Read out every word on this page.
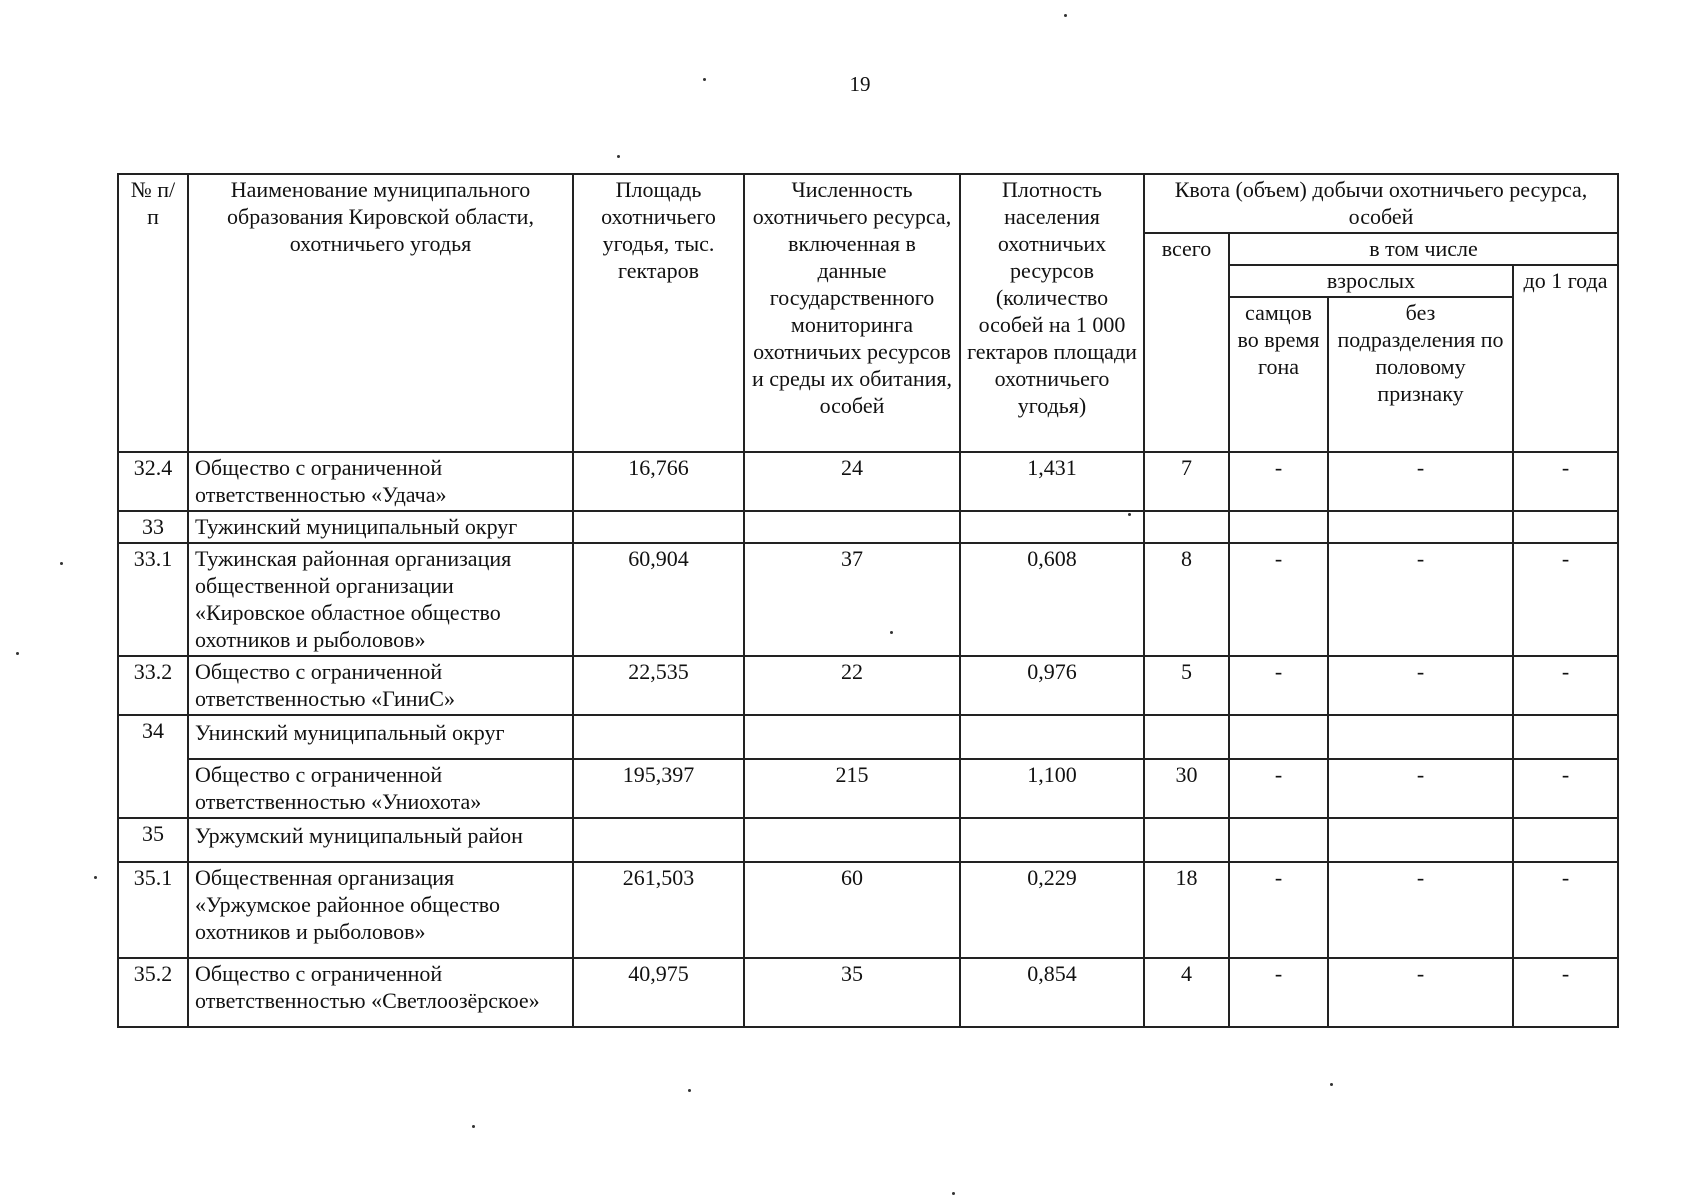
19
№ п/п	Наименование муниципального образования Кировской области, охотничьего угодья	Площадь охотничьего угодья, тыс. гектаров	Численность охотничьего ресурса, включенная в данные государственного мониторинга охотничьих ресурсов и среды их обитания, особей	Плотность населения охотничьих ресурсов (количество особей на 1 000 гектаров площади охотничьего угодья)	Квота (объем) добычи охотничьего ресурса, особей			
					всего	в том числе		
						взрослых		до 1 года
						самцов во время гона	без подразделения по половому признаку	
32.4	Общество с ограниченной ответственностью «Удача»	16,766	24	1,431	7	-	-	-
33	Тужинский муниципальный округ							
33.1	Тужинская районная организация общественной организации «Кировское областное общество охотников и рыболовов»	60,904	37	0,608	8	-	-	-
33.2	Общество с ограниченной ответственностью «ГиниС»	22,535	22	0,976	5	-	-	-
34	Унинский муниципальный округ							
	Общество с ограниченной ответственностью «Униохота»	195,397	215	1,100	30	-	-	-
35	Уржумский муниципальный район							
35.1	Общественная организация «Уржумское районное общество охотников и рыболовов»	261,503	60	0,229	18	-	-	-
35.2	Общество с ограниченной ответственностью «Светлоозёрское»	40,975	35	0,854	4	-	-	-
